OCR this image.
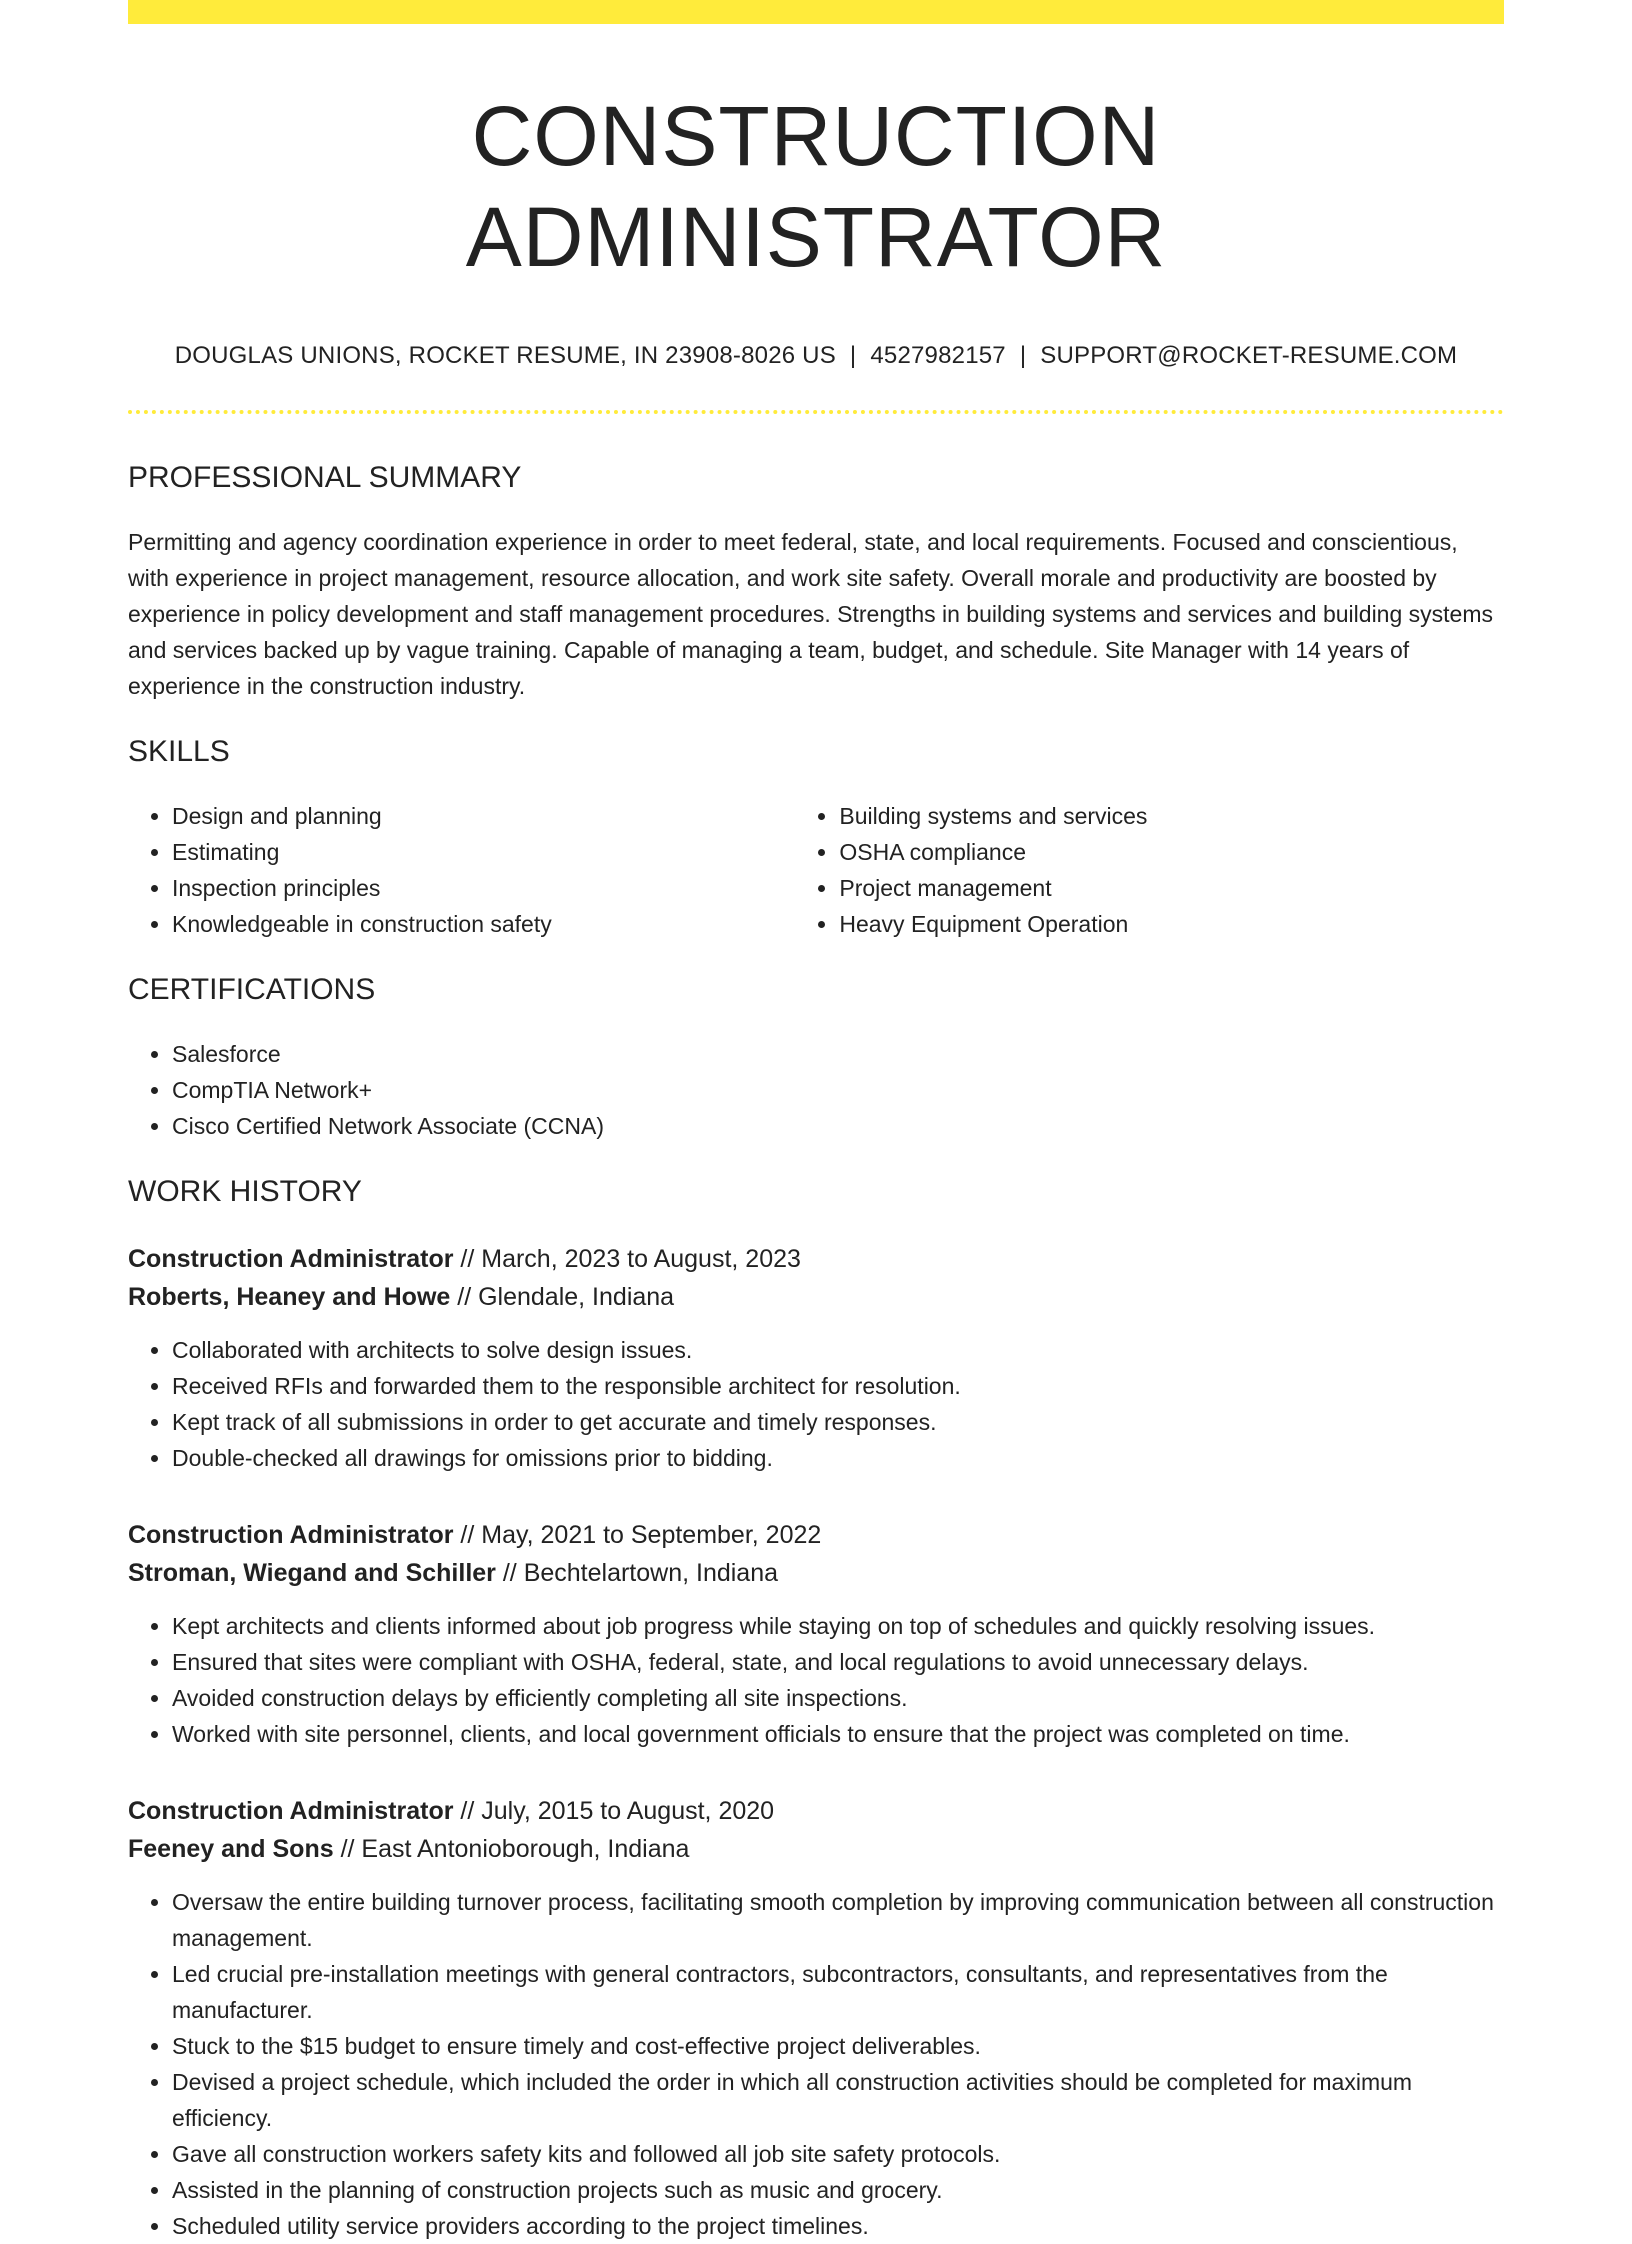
CONSTRUCTION ADMINISTRATOR
DOUGLAS UNIONS, ROCKET RESUME, IN 23908-8026 US | 4527982157 | SUPPORT@ROCKET-RESUME.COM
PROFESSIONAL SUMMARY

Permitting and agency coordination experience in order to meet federal, state, and local requirements. Focused and conscientious, with experience in project management, resource allocation, and work site safety. Overall morale and productivity are boosted by experience in policy development and staff management procedures. Strengths in building systems and services and building systems and services backed up by vague training. Capable of managing a team, budget, and schedule. Site Manager with 14 years of experience in the construction industry.

SKILLS
• Design and planning
• Estimating
• Inspection principles
• Knowledgeable in construction safety
• Building systems and services
• OSHA compliance
• Project management
• Heavy Equipment Operation
CERTIFICATIONS
• Salesforce
• CompTIA Network+
• Cisco Certified Network Associate (CCNA)
WORK HISTORY
Construction Administrator // March, 2023 to August, 2023
Roberts, Heaney and Howe // Glendale, Indiana
• Collaborated with architects to solve design issues.
• Received RFIs and forwarded them to the responsible architect for resolution.
• Kept track of all submissions in order to get accurate and timely responses.
• Double-checked all drawings for omissions prior to bidding.
Construction Administrator // May, 2021 to September, 2022
Stroman, Wiegand and Schiller // Bechtelartown, Indiana
• Kept architects and clients informed about job progress while staying on top of schedules and quickly resolving issues.
• Ensured that sites were compliant with OSHA, federal, state, and local regulations to avoid unnecessary delays.
• Avoided construction delays by efficiently completing all site inspections.
• Worked with site personnel, clients, and local government officials to ensure that the project was completed on time.
Construction Administrator // July, 2015 to August, 2020
Feeney and Sons // East Antonioborough, Indiana
• Oversaw the entire building turnover process, facilitating smooth completion by improving communication between all construction management.
• Led crucial pre-installation meetings with general contractors, subcontractors, consultants, and representatives from the manufacturer.
• Stuck to the $15 budget to ensure timely and cost-effective project deliverables.
• Devised a project schedule, which included the order in which all construction activities should be completed for maximum efficiency.
• Gave all construction workers safety kits and followed all job site safety protocols.
• Assisted in the planning of construction projects such as music and grocery.
• Scheduled utility service providers according to the project timelines.
